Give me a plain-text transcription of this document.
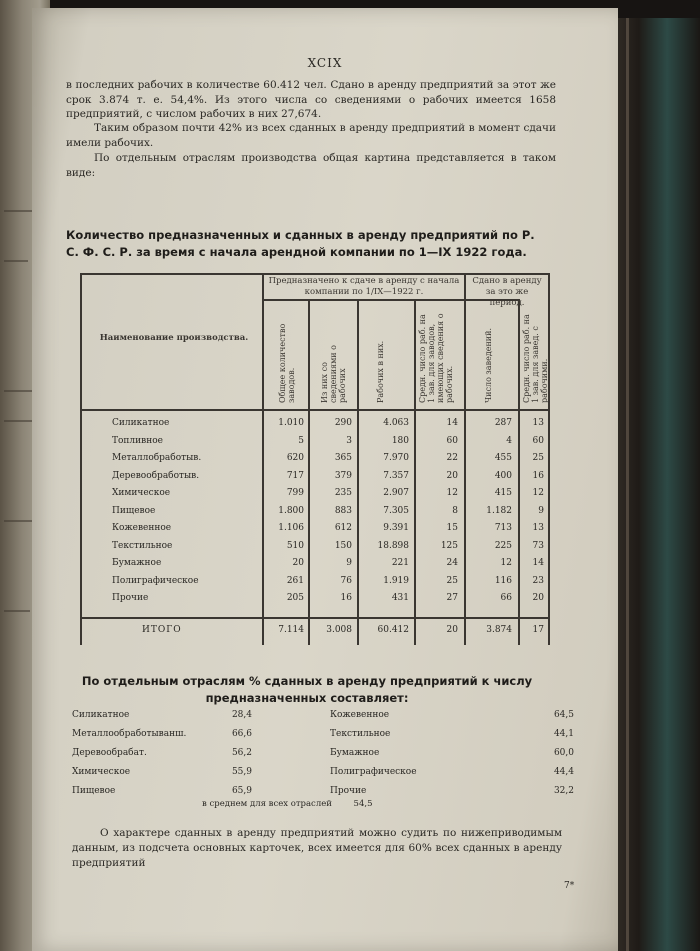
XCIX
в последних рабочих в количестве 60.412 чел. Сдано в аренду предприятий за этот же срок 3.874 т. е. 54,4%. Из этого числа со сведениями о рабочих имеется 1658 предприятий, с числом рабочих в них 27,674.
Таким образом почти 42% из всех сданных в аренду предприятий в момент сдачи имели рабочих.
По отдельным отраслям производства общая картина представляется в таком виде:
Количество предназначенных и сданных в аренду предприятий по Р. С. Ф. С. Р. за время с начала арендной компании по 1—IX 1922 года.
Наименование производства.
Предназначено к сдаче в аренду с начала компании по 1/IX—1922 г.
Сдано в аренду за это же период.
Общее количество заводов.	Из них со сведениями о рабочих	Рабочих в них.	Средн. число раб. на 1 зав. для заводов, имеющих сведения о рабочих.	Число заведений.	Средн. число раб. на 1 зав. для завед. с рабочими.
Силикатное	1.010	290	4.063	14	287	13
Топливное	5	3	180	60	4	60
Металлобработыв.	620	365	7.970	22	455	25
Деревообработыв.	717	379	7.357	20	400	16
Химическое	799	235	2.907	12	415	12
Пищевое	1.800	883	7.305	8	1.182	9
Кожевенное	1.106	612	9.391	15	713	13
Текстильное	510	150	18.898	125	225	73
Бумажное	20	9	221	24	12	14
Полиграфическое	261	76	1.919	25	116	23
Прочие	205	16	431	27	66	20
ИТОГО	7.114	3.008	60.412	20	3.874	17
По отдельным отраслям % сданных в аренду предприятий к числу предназначенных составляет:
Силикатное	28,4
Металлообработыванш.	66,6
Деревообрабат.	56,2
Химическое	55,9
Пищевое	65,9
Кожевенное	64,5
Текстильное	44,1
Бумажное	60,0
Полиграфическое	44,4
Прочие	32,2
в среднем для всех отраслей	54,5
О характере сданных в аренду предприятий можно судить по нижеприводимым данным, из подсчета основных карточек, всех имеется для 60% всех сданных в аренду предприятий
7*
